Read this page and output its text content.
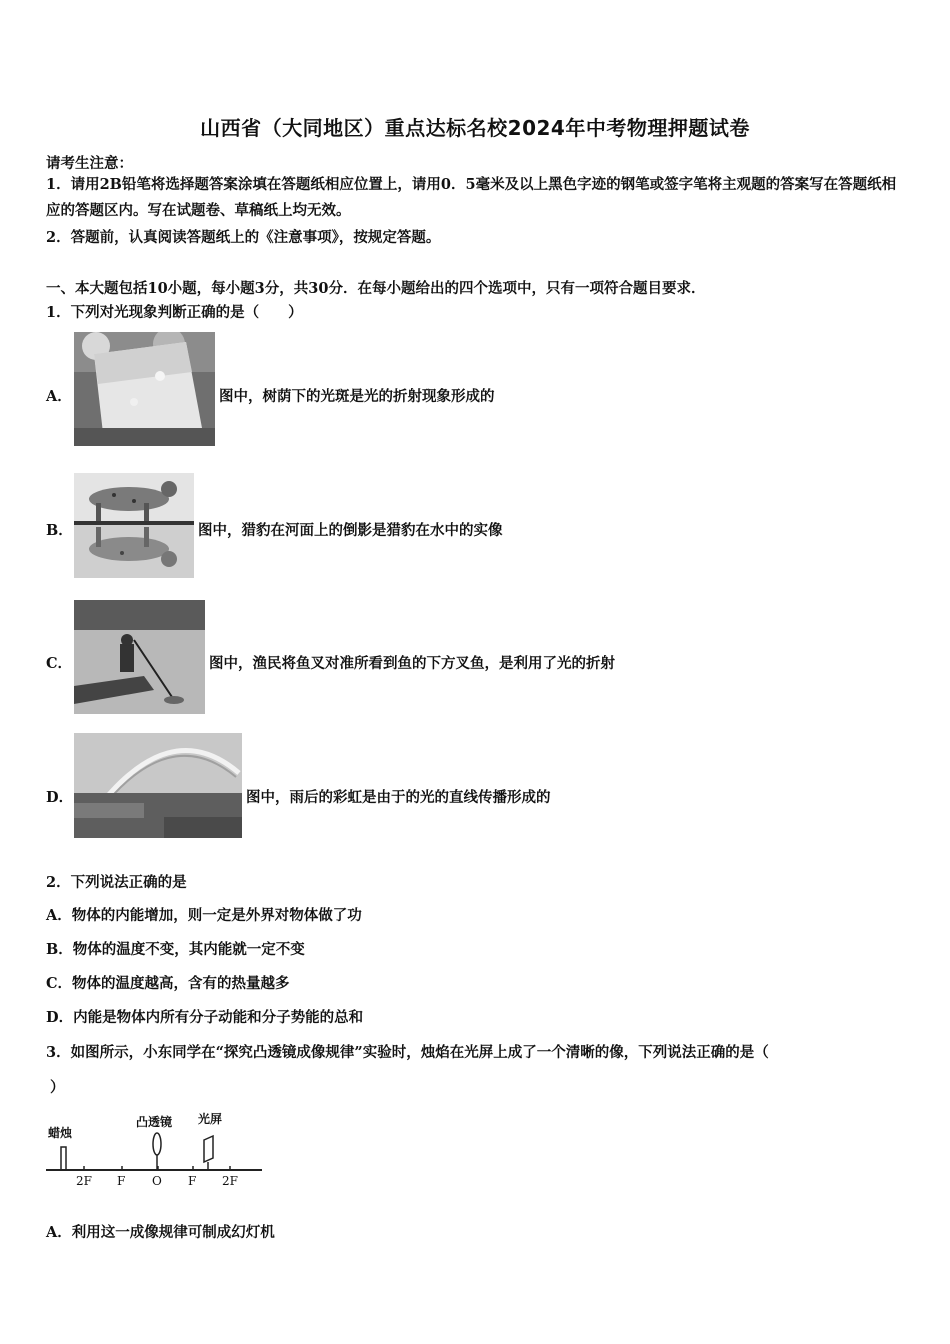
山西省（大同地区）重点达标名校2024年中考物理押题试卷
请考生注意：
1．请用2B铅笔将选择题答案涂填在答题纸相应位置上，请用0．5毫米及以上黑色字迹的钢笔或签字笔将主观题的答案写在答题纸相应的答题区内。写在试题卷、草稿纸上均无效。
2．答题前，认真阅读答题纸上的《注意事项》，按规定答题。
一、本大题包括10小题，每小题3分，共30分．在每小题给出的四个选项中，只有一项符合题目要求．
1．下列对光现象判断正确的是（　　）
A．	图中，树荫下的光斑是光的折射现象形成的
B．	图中，猎豹在河面上的倒影是猎豹在水中的实像
C．	图中，渔民将鱼叉对准所看到鱼的下方叉鱼，是利用了光的折射
D．	图中，雨后的彩虹是由于的光的直线传播形成的
2．下列说法正确的是
A．物体的内能增加，则一定是外界对物体做了功
B．物体的温度不变，其内能就一定不变
C．物体的温度越高，含有的热量越多
D．内能是物体内所有分子动能和分子势能的总和
3．如图所示，小东同学在“探究凸透镜成像规律”实验时，烛焰在光屏上成了一个清晰的像，下列说法正确的是（
）
蜡烛
凸透镜 光屏
2F F O F 2F
A．利用这一成像规律可制成幻灯机
